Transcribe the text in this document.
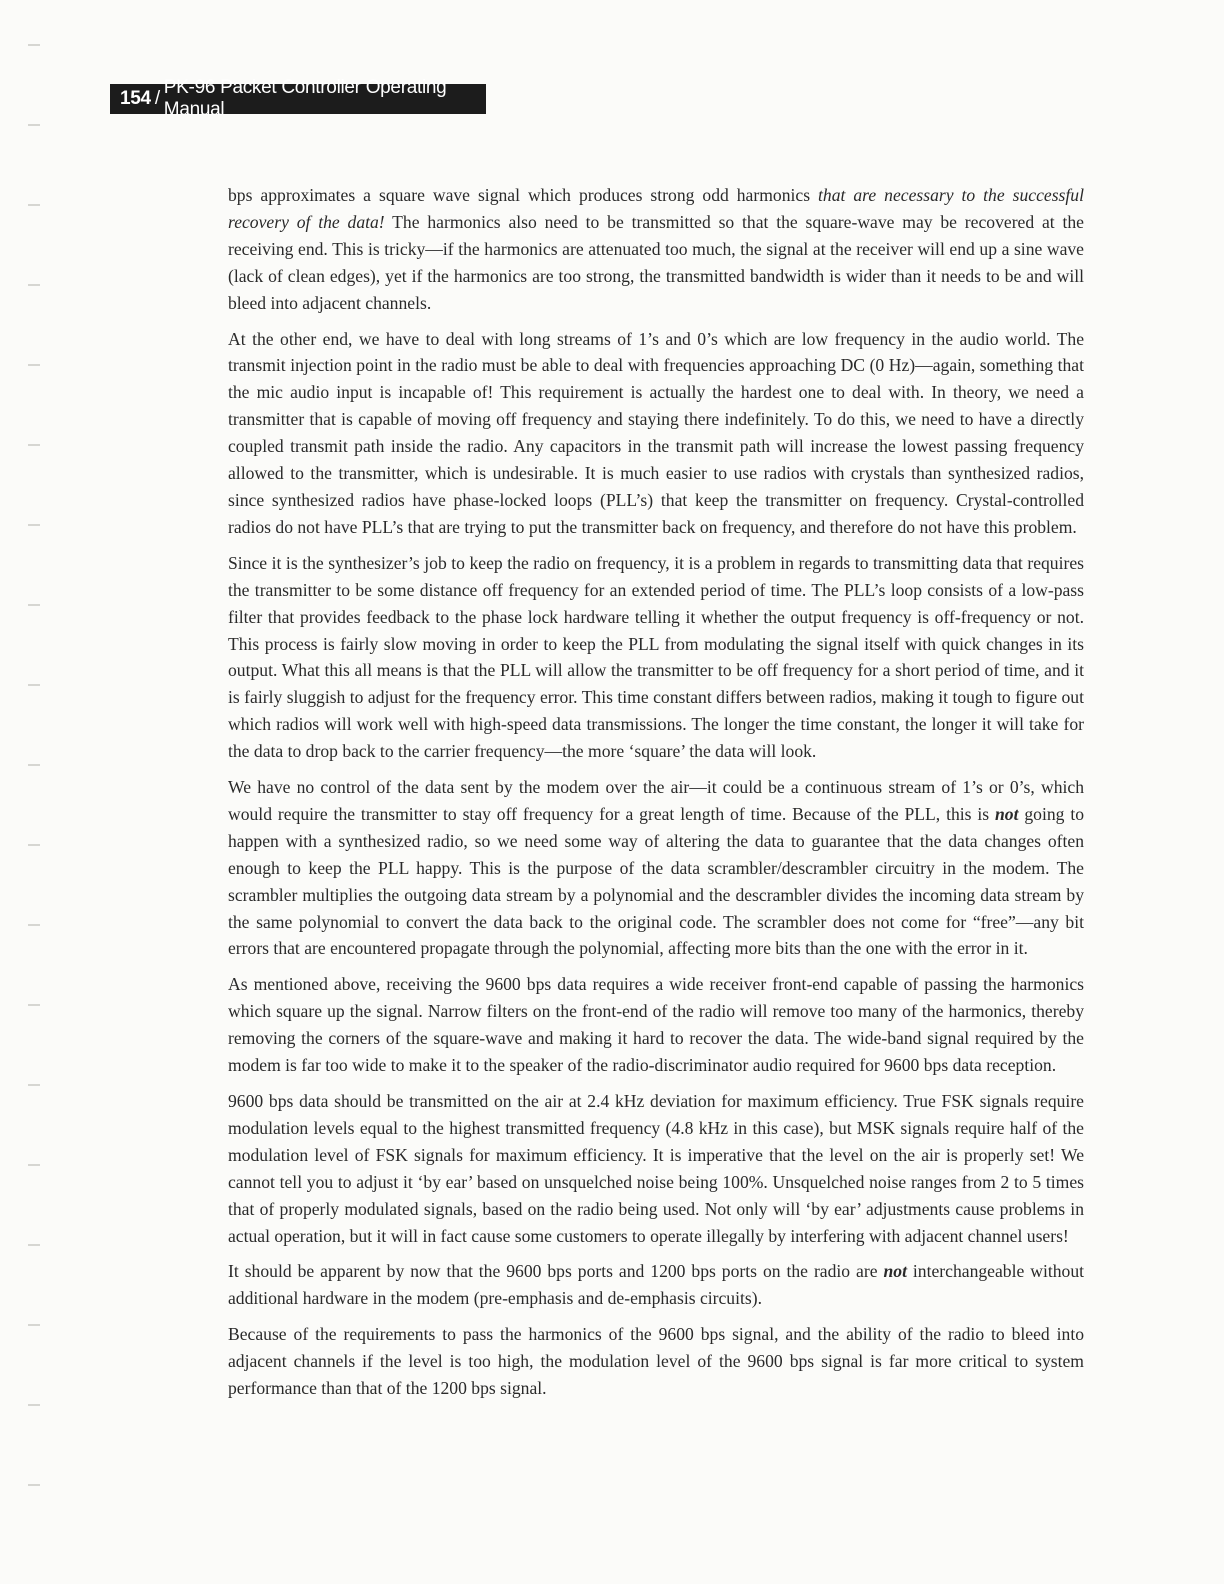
154 /
PK-96 Packet Controller Operating Manual

bps approximates a square wave signal which produces strong odd harmonics that are necessary to the successful recovery of the data! The harmonics also need to be transmitted so that the square-wave may be recovered at the receiving end. This is tricky—if the harmonics are attenuated too much, the signal at the receiver will end up a sine wave (lack of clean edges), yet if the harmonics are too strong, the transmitted bandwidth is wider than it needs to be and will bleed into adjacent channels.

At the other end, we have to deal with long streams of 1’s and 0’s which are low frequency in the audio world. The transmit injection point in the radio must be able to deal with frequencies approaching DC (0 Hz)—again, something that the mic audio input is incapable of! This requirement is actually the hardest one to deal with. In theory, we need a transmitter that is capable of moving off frequency and staying there indefinitely. To do this, we need to have a directly coupled transmit path inside the radio. Any capacitors in the transmit path will increase the lowest passing frequency allowed to the transmitter, which is undesirable. It is much easier to use radios with crystals than synthesized radios, since synthesized radios have phase-locked loops (PLL’s) that keep the transmitter on frequency. Crystal-controlled radios do not have PLL’s that are trying to put the transmitter back on frequency, and therefore do not have this problem.

Since it is the synthesizer’s job to keep the radio on frequency, it is a problem in regards to transmitting data that requires the transmitter to be some distance off frequency for an extended period of time. The PLL’s loop consists of a low-pass filter that provides feedback to the phase lock hardware telling it whether the output frequency is off-frequency or not. This process is fairly slow moving in order to keep the PLL from modulating the signal itself with quick changes in its output. What this all means is that the PLL will allow the transmitter to be off frequency for a short period of time, and it is fairly sluggish to adjust for the frequency error. This time constant differs between radios, making it tough to figure out which radios will work well with high-speed data transmissions. The longer the time constant, the longer it will take for the data to drop back to the carrier frequency—the more ‘square’ the data will look.

We have no control of the data sent by the modem over the air—it could be a continuous stream of 1’s or 0’s, which would require the transmitter to stay off frequency for a great length of time. Because of the PLL, this is not going to happen with a synthesized radio, so we need some way of altering the data to guarantee that the data changes often enough to keep the PLL happy. This is the purpose of the data scrambler/descrambler circuitry in the modem. The scrambler multiplies the outgoing data stream by a polynomial and the descrambler divides the incoming data stream by the same polynomial to convert the data back to the original code. The scrambler does not come for “free”—any bit errors that are encountered propagate through the polynomial, affecting more bits than the one with the error in it.

As mentioned above, receiving the 9600 bps data requires a wide receiver front-end capable of passing the harmonics which square up the signal. Narrow filters on the front-end of the radio will remove too many of the harmonics, thereby removing the corners of the square-wave and making it hard to recover the data. The wide-band signal required by the modem is far too wide to make it to the speaker of the radio-discriminator audio required for 9600 bps data reception.

9600 bps data should be transmitted on the air at 2.4 kHz deviation for maximum efficiency. True FSK signals require modulation levels equal to the highest transmitted frequency (4.8 kHz in this case), but MSK signals require half of the modulation level of FSK signals for maximum efficiency. It is imperative that the level on the air is properly set! We cannot tell you to adjust it ‘by ear’ based on unsquelched noise being 100%. Unsquelched noise ranges from 2 to 5 times that of properly modulated signals, based on the radio being used. Not only will ‘by ear’ adjustments cause problems in actual operation, but it will in fact cause some customers to operate illegally by interfering with adjacent channel users!

It should be apparent by now that the 9600 bps ports and 1200 bps ports on the radio are not interchangeable without additional hardware in the modem (pre-emphasis and de-emphasis circuits).

Because of the requirements to pass the harmonics of the 9600 bps signal, and the ability of the radio to bleed into adjacent channels if the level is too high, the modulation level of the 9600 bps signal is far more critical to system performance than that of the 1200 bps signal.
